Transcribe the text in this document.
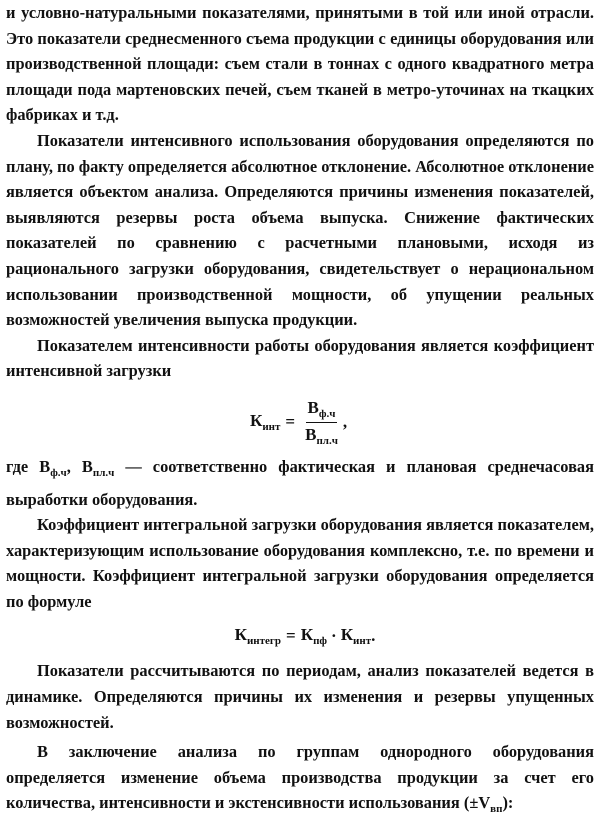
и условно-натуральными показателями, принятыми в той или иной отрасли. Это показатели среднесменного съема продукции с единицы оборудования или производственной площади: съем стали в тоннах с одного квадратного метра площади пода мартеновских печей, съем тканей в метро-уточинах на ткацких фабриках и т.д.

Показатели интенсивного использования оборудования определяются по плану, по факту определяется абсолютное отклонение. Абсолютное отклонение является объектом анализа. Определяются причины изменения показателей, выявляются резервы роста объема выпуска. Снижение фактических показателей по сравнению с расчетными плановыми, исходя из рационального загрузки оборудования, свидетельствует о нерациональном использовании производственной мощности, об упущении реальных возможностей увеличения выпуска продукции.

Показателем интенсивности работы оборудования является коэффициент интенсивной загрузки

$К_{инт} = \frac{В_{ф.ч}}{В_{пл.ч}}$ ,

где $В_{ф.ч}$, $В_{пл.ч}$ — соответственно фактическая и плановая среднечасовая выработки оборудования.

Коэффициент интегральной загрузки оборудования является показателем, характеризующим использование оборудования комплексно, т.е. по времени и мощности. Коэффициент интегральной загрузки оборудования определяется по формуле

$К_{интегр} = К_{пф} \cdot К_{инт}$ .

Показатели рассчитываются по периодам, анализ показателей ведется в динамике. Определяются причины их изменения и резервы упущенных возможностей.

В заключение анализа по группам однородного оборудования определяется изменение объема производства продукции за счет его количества, интенсивности и экстенсивности использования $(\pm V_{вп})$:
